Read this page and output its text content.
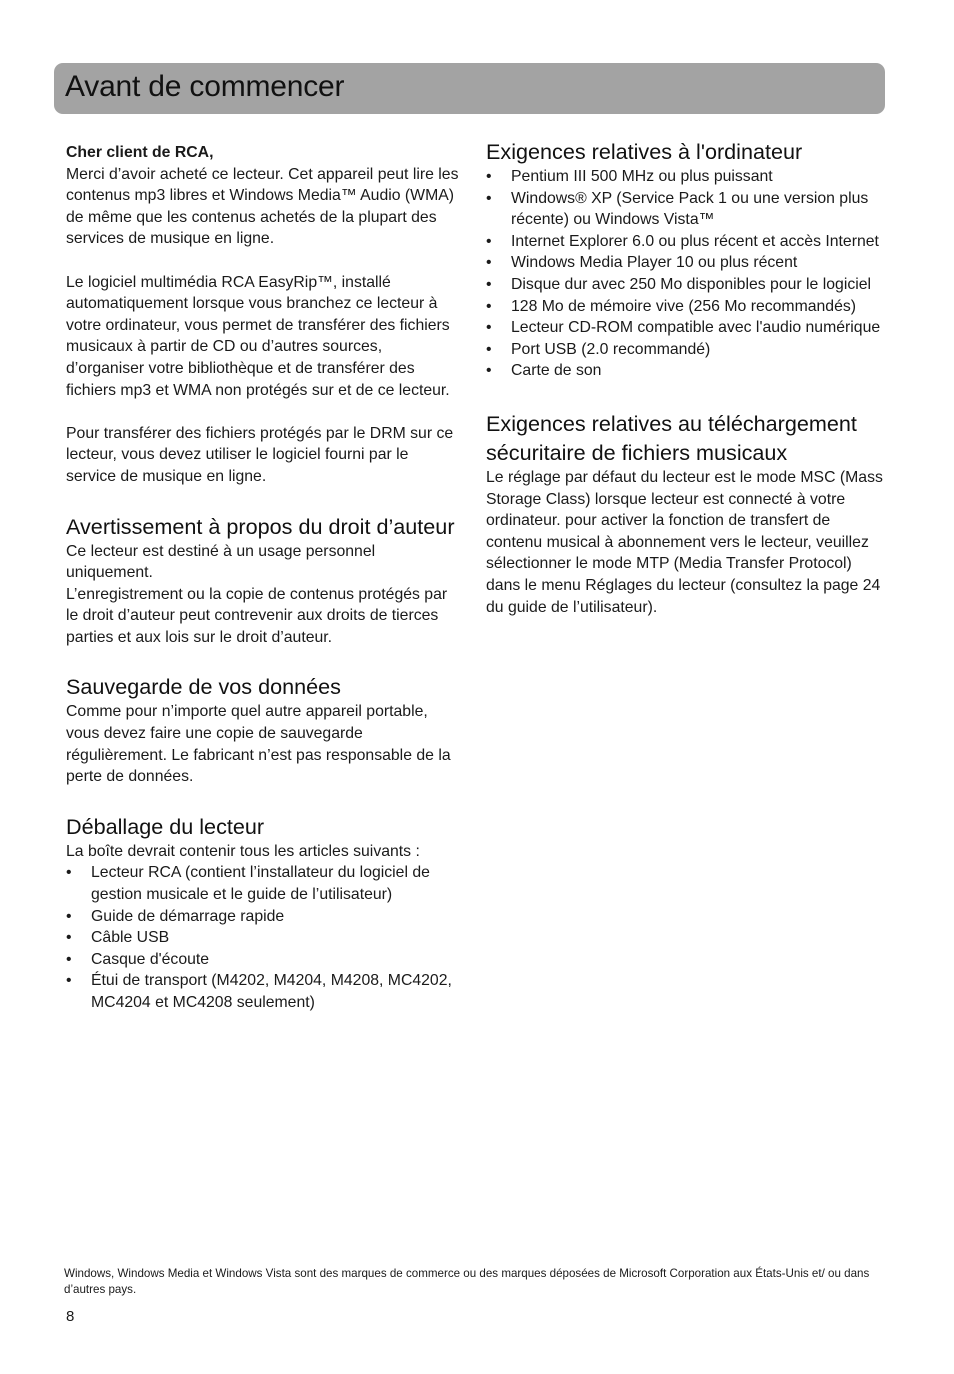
Avant de commencer

Cher client de RCA,

Merci d’avoir acheté ce lecteur. Cet appareil peut lire les contenus mp3 libres et Windows Media™ Audio (WMA) de même que les contenus achetés de la plupart des services de musique en ligne.

Le logiciel multimédia RCA EasyRip™, installé automatiquement lorsque vous branchez ce lecteur à votre ordinateur, vous permet de transférer des fichiers musicaux à partir de CD ou d’autres sources, d’organiser votre bibliothèque et de transférer des fichiers mp3 et WMA non protégés sur et de ce lecteur.

Pour transférer des fichiers protégés par le DRM sur ce lecteur, vous devez utiliser le logiciel fourni par le service de musique en ligne.

Avertissement à propos du droit d’auteur

Ce lecteur est destiné à un usage personnel uniquement.

L’enregistrement ou la copie de contenus protégés par le droit d’auteur peut contrevenir aux droits de tierces parties et aux lois sur le droit d’auteur.

Sauvegarde de vos données

Comme pour n’importe quel autre appareil portable, vous devez faire une copie de sauvegarde régulièrement. Le fabricant n’est pas responsable de la perte de données.

Déballage du lecteur

La boîte devrait contenir tous les articles suivants :

• Lecteur RCA (contient l’installateur du logiciel de gestion musicale et le guide de l’utilisateur)
• Guide de démarrage rapide
• Câble USB
• Casque d'écoute
• Étui de transport (M4202, M4204, M4208, MC4202, MC4204 et MC4208 seulement)
Exigences relatives à l'ordinateur
• Pentium III 500 MHz ou plus puissant
• Windows® XP (Service Pack 1 ou une version plus récente) ou Windows Vista™
• Internet Explorer 6.0 ou plus récent et accès Internet
• Windows Media Player 10 ou plus récent
• Disque dur avec 250 Mo disponibles pour le logiciel
• 128 Mo de mémoire vive (256 Mo recommandés)
• Lecteur CD-ROM compatible avec l'audio numérique
• Port USB (2.0 recommandé)
• Carte de son
Exigences relatives au téléchargement sécuritaire de fichiers musicaux

Le réglage par défaut du lecteur est le mode MSC (Mass Storage Class) lorsque lecteur est connecté à votre ordinateur. pour activer la fonction de transfert de contenu musical à abonnement vers le lecteur, veuillez sélectionner le mode MTP (Media Transfer Protocol) dans le menu Réglages du lecteur (consultez la page 24 du guide de l’utilisateur).

Windows, Windows Media et Windows Vista sont des marques de commerce ou des marques déposées de Microsoft Corporation aux États-Unis et/ ou dans d’autres pays.

8
